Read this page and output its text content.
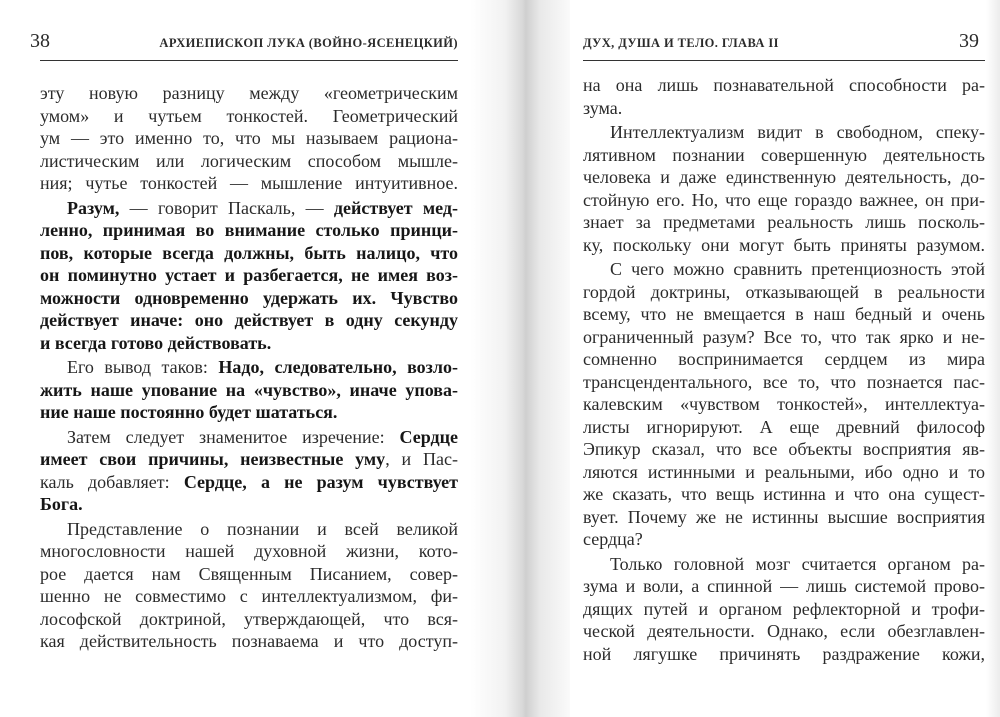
38	АРХИЕПИСКОП ЛУКА (ВОЙНО-ЯСЕНЕЦКИЙ)
эту новую разницу между «геометрическим
умом» и чутьем тонкостей. Геометрический
ум — это именно то, что мы называем рациона-
листическим или логическим способом мышле-
ния; чутье тонкостей — мышление интуитивное.
Разум, — говорит Паскаль, — действует мед-
ленно, принимая во внимание столько принци-
пов, которые всегда должны, быть налицо, что
он поминутно устает и разбегается, не имея воз-
можности одновременно удержать их. Чувство
действует иначе: оно действует в одну секунду
и всегда готово действовать.
Его вывод таков: Надо, следовательно, возло-
жить наше упование на «чувство», иначе упова-
ние наше постоянно будет шататься.
Затем следует знаменитое изречение: Сердце
имеет свои причины, неизвестные уму, и Пас-
каль добавляет: Сердце, а не разум чувствует
Бога.
Представление о познании и всей великой
многословности нашей духовной жизни, кото-
рое дается нам Священным Писанием, совер-
шенно не совместимо с интеллектуализмом, фи-
лософской доктриной, утверждающей, что вся-
кая действительность познаваема и что доступ-
ДУХ, ДУША И ТЕЛО. ГЛАВА II	39
на она лишь познавательной способности ра-
зума.
Интеллектуализм видит в свободном, спеку-
лятивном познании совершенную деятельность
человека и даже единственную деятельность, до-
стойную его. Но, что еще гораздо важнее, он при-
знает за предметами реальность лишь посколь-
ку, поскольку они могут быть приняты разумом.
С чего можно сравнить претенциозность этой
гордой доктрины, отказывающей в реальности
всему, что не вмещается в наш бедный и очень
ограниченный разум? Все то, что так ярко и не-
сомненно воспринимается сердцем из мира
трансцендентального, все то, что познается пас-
калевским «чувством тонкостей», интеллектуа-
листы игнорируют. А еще древний философ
Эпикур сказал, что все объекты восприятия яв-
ляются истинными и реальными, ибо одно и то
же сказать, что вещь истинна и что она сущест-
вует. Почему же не истинны высшие восприятия
сердца?
Только головной мозг считается органом ра-
зума и воли, а спинной — лишь системой прово-
дящих путей и органом рефлекторной и трофи-
ческой деятельности. Однако, если обезглавлен-
ной лягушке причинять раздражение кожи,
